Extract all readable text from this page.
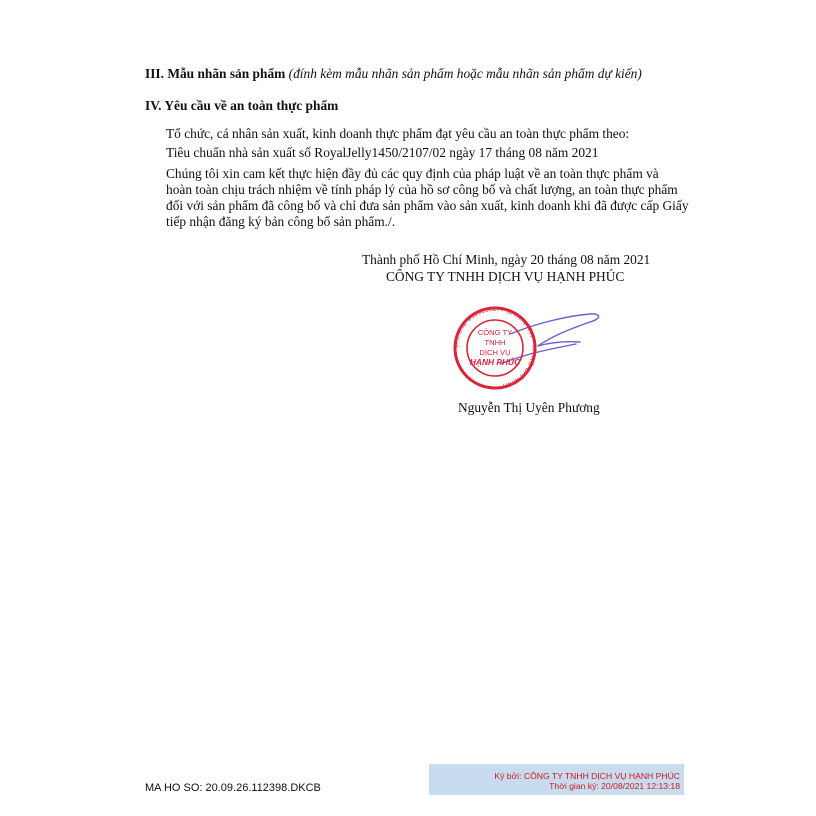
III. Mẫu nhãn sản phẩm (đính kèm mẫu nhãn sản phẩm hoặc mẫu nhãn sản phẩm dự kiến)
IV. Yêu cầu về an toàn thực phẩm
Tổ chức, cá nhân sản xuất, kinh doanh thực phẩm đạt yêu cầu an toàn thực phẩm theo:
Tiêu chuẩn nhà sản xuất số RoyalJelly1450/2107/02 ngày 17 tháng 08 năm 2021
Chúng tôi xin cam kết thực hiện đầy đủ các quy định của pháp luật về an toàn thực phẩm và
hoàn toàn chịu trách nhiệm về tính pháp lý của hồ sơ công bố và chất lượng, an toàn thực phẩm
đối với sản phẩm đã công bố và chỉ đưa sản phẩm vào sản xuất, kinh doanh khi đã được cấp Giấy
tiếp nhận đăng ký bản công bố sản phẩm./.
Thành phố Hồ Chí Minh, ngày 20 tháng 08 năm 2021
CÔNG TY TNHH DỊCH VỤ HẠNH PHÚC
M.S.D.N: 0309058277-C.T.T.N.H.H * TP. HỒ CHÍ MINH
CÔNG TY
TNHH
DỊCH VỤ
HẠNH PHÚC
Nguyễn Thị Uyên Phương
MA HO SO: 20.09.26.112398.DKCB
Ký bởi: CÔNG TY TNHH DỊCH VỤ HẠNH PHÚC
Thời gian ký: 20/08/2021 12:13:18
